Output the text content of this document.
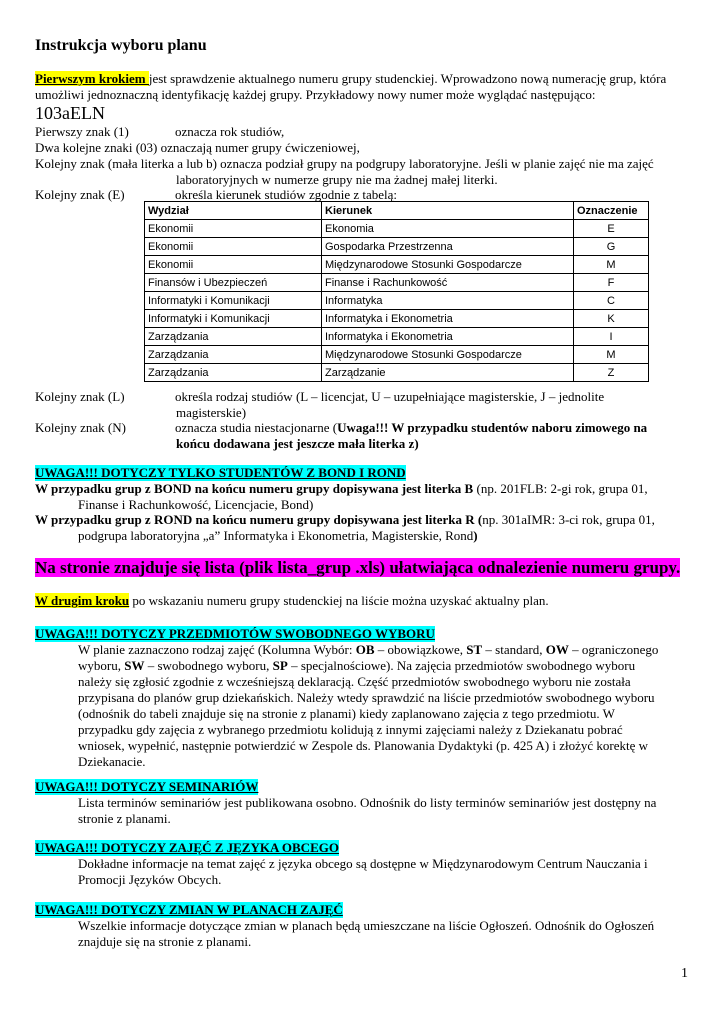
Instrukcja wyboru planu
Pierwszym krokiem jest sprawdzenie aktualnego numeru grupy studenckiej. Wprowadzono nową numerację grup, która
umożliwi jednoznaczną identyfikację każdej grupy. Przykładowy nowy numer może wyglądać następująco:
103aELN
Pierwszy znak (1)	oznacza rok studiów,
Dwa kolejne znaki (03) oznaczają numer grupy ćwiczeniowej,
Kolejny znak (mała literka a lub b) oznacza podział grupy na podgrupy laboratoryjne. Jeśli w planie zajęć nie ma zajęć
laboratoryjnych w numerze grupy nie ma żadnej małej literki.
Kolejny znak (E)	określa kierunek studiów zgodnie z tabelą:
Wydział	Kierunek	Oznaczenie
Ekonomii	Ekonomia	E
Ekonomii	Gospodarka Przestrzenna	G
Ekonomii	Międzynarodowe Stosunki Gospodarcze	M
Finansów i Ubezpieczeń	Finanse i Rachunkowość	F
Informatyki i Komunikacji	Informatyka	C
Informatyki i Komunikacji	Informatyka i Ekonometria	K
Zarządzania	Informatyka i Ekonometria	I
Zarządzania	Międzynarodowe Stosunki Gospodarcze	M
Zarządzania	Zarządzanie	Z
Kolejny znak (L)	określa rodzaj studiów (L – licencjat, U – uzupełniające magisterskie, J – jednolite
magisterskie)
Kolejny znak (N)	oznacza studia niestacjonarne (Uwaga!!! W przypadku studentów naboru zimowego na
końcu dodawana jest jeszcze mała literka z)
UWAGA!!! DOTYCZY TYLKO STUDENTÓW Z BOND I ROND
W przypadku grup z BOND na końcu numeru grupy dopisywana jest literka B (np. 201FLB: 2-gi rok, grupa 01,
Finanse i Rachunkowość, Licencjacie, Bond)
W przypadku grup z ROND na końcu numeru grupy dopisywana jest literka R (np. 301aIMR: 3-ci rok, grupa 01,
podgrupa laboratoryjna „a” Informatyka i Ekonometria, Magisterskie, Rond)
Na stronie znajduje się lista (plik lista_grup .xls) ułatwiająca odnalezienie numeru grupy.
W drugim kroku po wskazaniu numeru grupy studenckiej na liście można uzyskać aktualny plan.
UWAGA!!! DOTYCZY PRZEDMIOTÓW SWOBODNEGO WYBORU
W planie zaznaczono rodzaj zajęć (Kolumna Wybór: OB – obowiązkowe, ST – standard, OW – ograniczonego
wyboru, SW – swobodnego wyboru, SP – specjalnościowe). Na zajęcia przedmiotów swobodnego wyboru
należy się zgłosić zgodnie z wcześniejszą deklaracją. Część przedmiotów swobodnego wyboru nie została
przypisana do planów grup dziekańskich. Należy wtedy sprawdzić na liście przedmiotów swobodnego wyboru
(odnośnik do tabeli znajduje się na stronie z planami) kiedy zaplanowano zajęcia z tego przedmiotu. W
przypadku gdy zajęcia z wybranego przedmiotu kolidują z innymi zajęciami należy z Dziekanatu pobrać
wniosek, wypełnić, następnie potwierdzić w Zespole ds. Planowania Dydaktyki (p. 425 A) i złożyć korektę w
Dziekanacie.
UWAGA!!! DOTYCZY SEMINARIÓW
Lista terminów seminariów jest publikowana osobno. Odnośnik do listy terminów seminariów jest dostępny na
stronie z planami.
UWAGA!!! DOTYCZY ZAJĘĆ Z JĘZYKA OBCEGO
Dokładne informacje na temat zajęć z języka obcego są dostępne w Międzynarodowym Centrum Nauczania i
Promocji Języków Obcych.
UWAGA!!! DOTYCZY ZMIAN W PLANACH ZAJĘĆ
Wszelkie informacje dotyczące zmian w planach będą umieszczane na liście Ogłoszeń. Odnośnik do Ogłoszeń
znajduje się na stronie z planami.
1
